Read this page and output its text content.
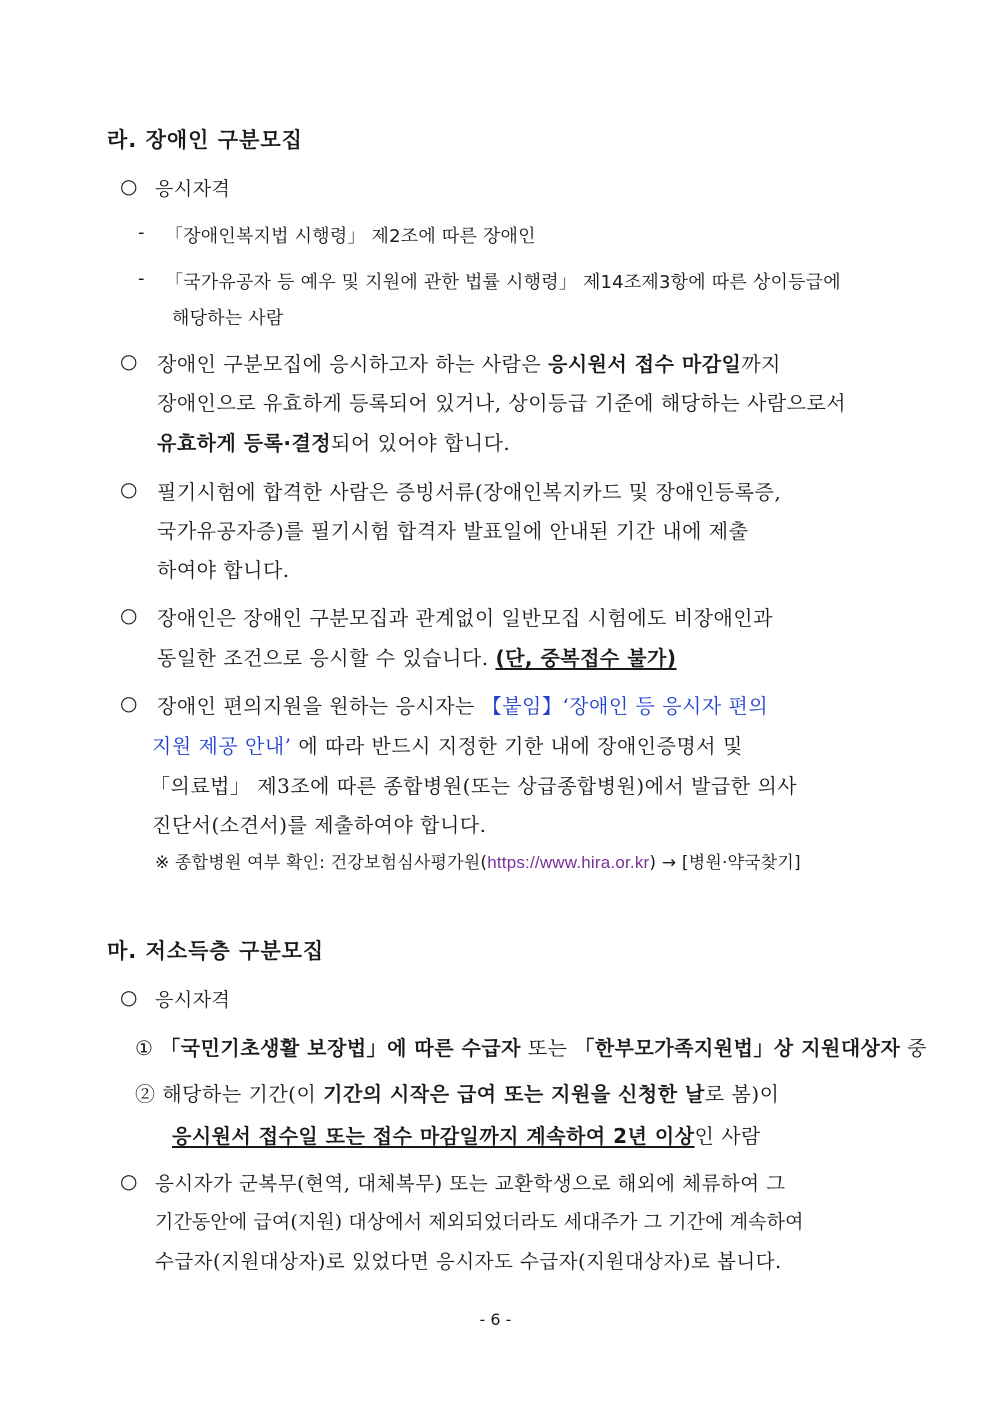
라. 장애인 구분모집
○ 응시자격
- 「장애인복지법 시행령」 제2조에 따른 장애인
- 「국가유공자 등 예우 및 지원에 관한 법률 시행령」 제14조제3항에 따른 상이등급에
해당하는 사람
○ 장애인 구분모집에 응시하고자 하는 사람은 응시원서 접수 마감일까지
장애인으로 유효하게 등록되어 있거나, 상이등급 기준에 해당하는 사람으로서
유효하게 등록·결정되어 있어야 합니다.
○ 필기시험에 합격한 사람은 증빙서류(장애인복지카드 및 장애인등록증,
국가유공자증)를 필기시험 합격자 발표일에 안내된 기간 내에 제출
하여야 합니다.
○ 장애인은 장애인 구분모집과 관계없이 일반모집 시험에도 비장애인과
동일한 조건으로 응시할 수 있습니다. (단, 중복접수 불가)
○ 장애인 편의지원을 원하는 응시자는 【붙임】‘장애인 등 응시자 편의
지원 제공 안내’ 에 따라 반드시 지정한 기한 내에 장애인증명서 및
「의료법」 제3조에 따른 종합병원(또는 상급종합병원)에서 발급한 의사
진단서(소견서)를 제출하여야 합니다.
※ 종합병원 여부 확인: 건강보험심사평가원(https://www.hira.or.kr) → [병원·약국찾기]
마. 저소득층 구분모집
○ 응시자격
① 「국민기초생활 보장법」에 따른 수급자 또는 「한부모가족지원법」상 지원대상자 중
② 해당하는 기간(이 기간의 시작은 급여 또는 지원을 신청한 날로 봄)이
응시원서 접수일 또는 접수 마감일까지 계속하여 2년 이상인 사람
○ 응시자가 군복무(현역, 대체복무) 또는 교환학생으로 해외에 체류하여 그
기간동안에 급여(지원) 대상에서 제외되었더라도 세대주가 그 기간에 계속하여
수급자(지원대상자)로 있었다면 응시자도 수급자(지원대상자)로 봅니다.
- 6 -
